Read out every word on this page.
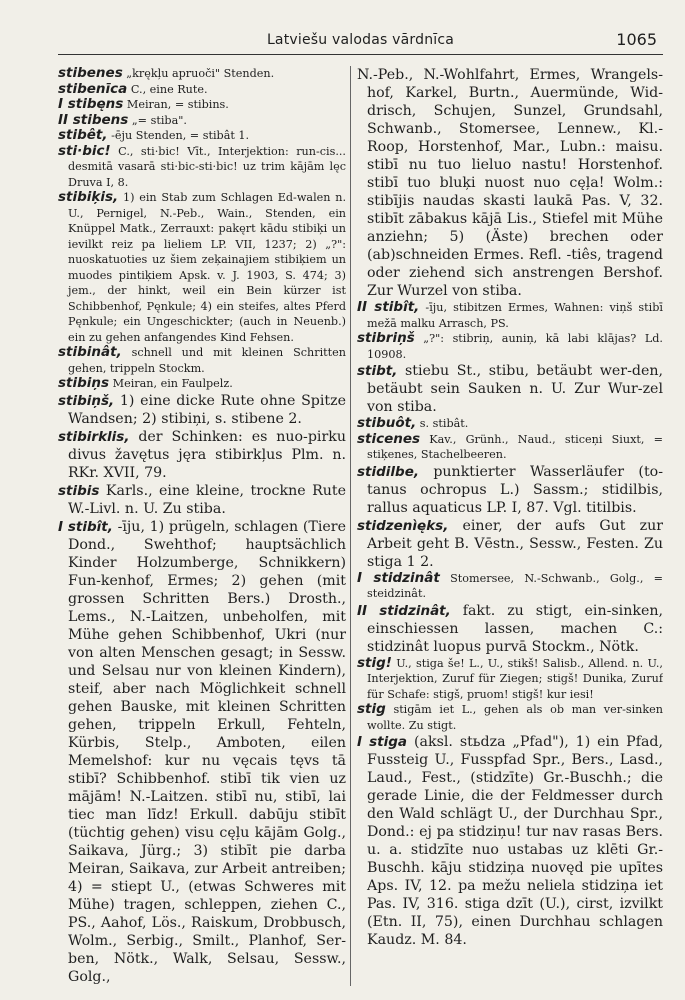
Latviešu valodas vārdnīca	1065

stibenes „krękļu apruoči" Stenden.

stibenīca C., eine Rute.

I stibęns Meiran, = stibins.

II stibens „= stiba".

stibêt, -ēju Stenden, = stibât 1.

sti·bic! C., sti·bic! Vīt., Interjektion: run-cis... desmitā vasarā sti·bic-sti·bic! uz trim kājām lęc Druva I, 8.

stibiķis, 1) ein Stab zum Schlagen Ed-walen n. U., Pernigel, N.-Peb., Wain., Stenden, ein Knüppel Matk., Zerrauxt: pakęrt kādu stibiķi un ievilkt reiz pa lieliem LP. VII, 1237; 2) „?": nuoskatuoties uz šiem zeķainajiem stibiķiem un muodes pintiķiem Apsk. v. J. 1903, S. 474; 3) jem., der hinkt, weil ein Bein kürzer ist Schibbenhof, Pęnkule; 4) ein steifes, altes Pferd Pęnkule; ein Ungeschickter; (auch in Neuenb.) ein zu gehen anfangendes Kind Fehsen.

stibinât, schnell und mit kleinen Schritten gehen, trippeln Stockm.

stibiņs Meiran, ein Faulpelz.

stibiņš, 1) eine dicke Rute ohne Spitze Wandsen; 2) stibiņi, s. stibene 2.

stibirklis, der Schinken: es nuo-pirku divus žavętus jęra stibirkļus Plm. n. RKr. XVII, 79.

stibis Karls., eine kleine, trockne Rute W.-Livl. n. U. Zu stiba.

I stibît, -īju, 1) prügeln, schlagen (Tiere Dond., Swehthof; hauptsächlich Kinder Holzumberge, Schnikkern) Fun-kenhof, Ermes; 2) gehen (mit grossen Schritten Bers.) Drosth., Lems., N.-Laitzen, unbeholfen, mit Mühe gehen Schibbenhof, Ukri (nur von alten Menschen gesagt; in Sessw. und Selsau nur von kleinen Kindern), steif, aber nach Möglichkeit schnell gehen Bauske, mit kleinen Schritten gehen, trippeln Erkull, Fehteln, Kürbis, Stelp., Amboten, eilen Memelshof: kur nu vęcais tęvs tā stibī? Schibbenhof. stibī tik vien uz mājām! N.-Laitzen. stibī nu, stibī, lai tiec man līdz! Erkull. dabūju stibīt (tüchtig gehen) visu cęļu kājām Golg., Saikava, Jürg.; 3) stibīt pie darba Meiran, Saikava, zur Arbeit antreiben; 4) = stiept U., (etwas Schweres mit Mühe) tragen, schleppen, ziehen C., PS., Aahof, Lös., Raiskum, Drobbusch, Wolm., Serbig., Smilt., Planhof, Ser-ben, Nötk., Walk, Selsau, Sessw., Golg.,

N.-Peb., N.-Wohlfahrt, Ermes, Wrangels-hof, Karkel, Burtn., Auermünde, Wid-drisch, Schujen, Sunzel, Grundsahl, Schwanb., Stomersee, Lennew., Kl.-Roop, Horstenhof, Mar., Lubn.: maisu. stibī nu tuo lieluo nastu! Horstenhof. stibī tuo bluķi nuost nuo cęļa! Wolm.: stibījis naudas skasti laukā Pas. V, 32. stibīt zābakus kājā Lis., Stiefel mit Mühe anziehn; 5) (Äste) brechen oder (ab)schneiden Ermes. Refl. -tiês, tragend oder ziehend sich anstrengen Bershof. Zur Wurzel von stiba.

II stibît, -īju, stibitzen Ermes, Wahnen: viņš stibī mežā malku Arrasch, PS.

stibriņš „?": stibriņ, auniņ, kā labi klājas? Ld. 10908.

stibt, stiebu St., stibu, betäubt wer-den, betäubt sein Sauken n. U. Zur Wur-zel von stiba.

stibuôt, s. stibât.

sticenes Kav., Grünh., Naud., sticeņi Siuxt, = stiķenes, Stachelbeeren.

stidilbe, punktierter Wasserläufer (to-tanus ochropus L.) Sassm.; stidilbis, rallus aquaticus LP. I, 87. Vgl. titilbis.

stidzenìęks, einer, der aufs Gut zur Arbeit geht B. Vēstn., Sessw., Festen. Zu stiga 1 2.

I stidzinât Stomersee, N.-Schwanb., Golg., = steidzinât.

II stidzinât, fakt. zu stigt, ein-sinken, einschiessen lassen, machen C.: stidzinât luopus purvā Stockm., Nötk.

stig! U., stiga še! L., U., stikš! Salisb., Allend. n. U., Interjektion, Zuruf für Ziegen; stigš! Dunika, Zuruf für Schafe: stigš, pruom! stigš! kur iesi!

stig stigām iet L., gehen als ob man ver-sinken wollte. Zu stigt.

I stiga (aksl. stьdza „Pfad"), 1) ein Pfad, Fussteig U., Fusspfad Spr., Bers., Lasd., Laud., Fest., (stidzīte) Gr.-Buschh.; die gerade Linie, die der Feldmesser durch den Wald schlägt U., der Durchhau Spr., Dond.: ej pa stidziņu! tur nav rasas Bers. u. a. stidzīte nuo ustabas uz klēti Gr.-Buschh. kāju stidziņa nuovęd pie upītes Aps. IV, 12. pa mežu neliela stidziņa iet Pas. IV, 316. stiga dzīt (U.), cirst, izvilkt (Etn. II, 75), einen Durchhau schlagen Kaudz. M. 84.
